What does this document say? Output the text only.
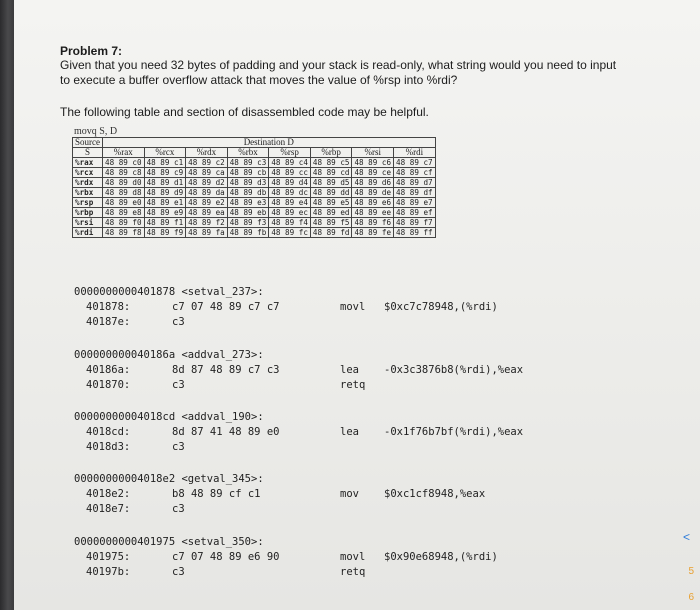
Problem 7:
Given that you need 32 bytes of padding and your stack is read-only, what string would you need to input to execute a buffer overflow attack that moves the value of %rsp into %rdi?
The following table and section of disassembled code may be helpful.
movq S, D
Source	Destination D							
S	%rax	%rcx	%rdx	%rbx	%rsp	%rbp	%rsi	%rdi
%rax	48 89 c0	48 89 c1	48 89 c2	48 89 c3	48 89 c4	48 89 c5	48 89 c6	48 89 c7
%rcx	48 89 c8	48 89 c9	48 89 ca	48 89 cb	48 89 cc	48 89 cd	48 89 ce	48 89 cf
%rdx	48 89 d0	48 89 d1	48 89 d2	48 89 d3	48 89 d4	48 89 d5	48 89 d6	48 89 d7
%rbx	48 89 d8	48 89 d9	48 89 da	48 89 db	48 89 dc	48 89 dd	48 89 de	48 89 df
%rsp	48 89 e0	48 89 e1	48 89 e2	48 89 e3	48 89 e4	48 89 e5	48 89 e6	48 89 e7
%rbp	48 89 e8	48 89 e9	48 89 ea	48 89 eb	48 89 ec	48 89 ed	48 89 ee	48 89 ef
%rsi	48 89 f0	48 89 f1	48 89 f2	48 89 f3	48 89 f4	48 89 f5	48 89 f6	48 89 f7
%rdi	48 89 f8	48 89 f9	48 89 fa	48 89 fb	48 89 fc	48 89 fd	48 89 fe	48 89 ff
0000000000401878 <setval_237>:
401878:	c7 07 48 89 c7 c7	movl $0xc7c78948,(%rdi)
40187e:	c3
000000000040186a <addval_273>:
40186a:	8d 87 48 89 c7 c3	lea -0x3c3876b8(%rdi),%eax
401870:	c3	retq
00000000004018cd <addval_190>:
4018cd:	8d 87 41 48 89 e0	lea -0x1f76b7bf(%rdi),%eax
4018d3:	c3
00000000004018e2 <getval_345>:
4018e2:	b8 48 89 cf c1	mov $0xc1cf8948,%eax
4018e7:	c3
0000000000401975 <setval_350>:
401975:	c7 07 48 89 e6 90	movl $0x90e68948,(%rdi)
40197b:	c3	retq
<
5
6
